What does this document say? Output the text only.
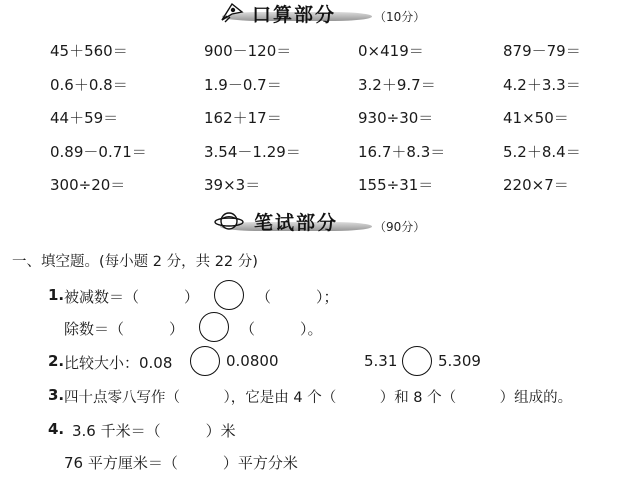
口算部分	（10分）
45＋560＝	900－120＝	0×419＝	879－79＝
0.6＋0.8＝	1.9－0.7＝	3.2＋9.7＝	4.2＋3.3＝
44＋59＝	162＋17＝	930÷30＝	41×50＝
0.89－0.71＝	3.54－1.29＝	16.7＋8.3＝	5.2＋8.4＝
300÷20＝	39×3＝	155÷31＝	220×7＝
笔试部分	（90分）
一、填空题。(每小题 2 分，共 22 分)
1. 被减数＝（　　　）	（　　　）；
除数＝（　　　）	（　　　）。
2. 比较大小：0.08	0.0800	5.31	5.309
3. 四十点零八写作（　　　），它是由 4 个（　　　）和 8 个（　　　）组成的。
4. 3.6 千米＝（　　　）米
76 平方厘米＝（　　　）平方分米
